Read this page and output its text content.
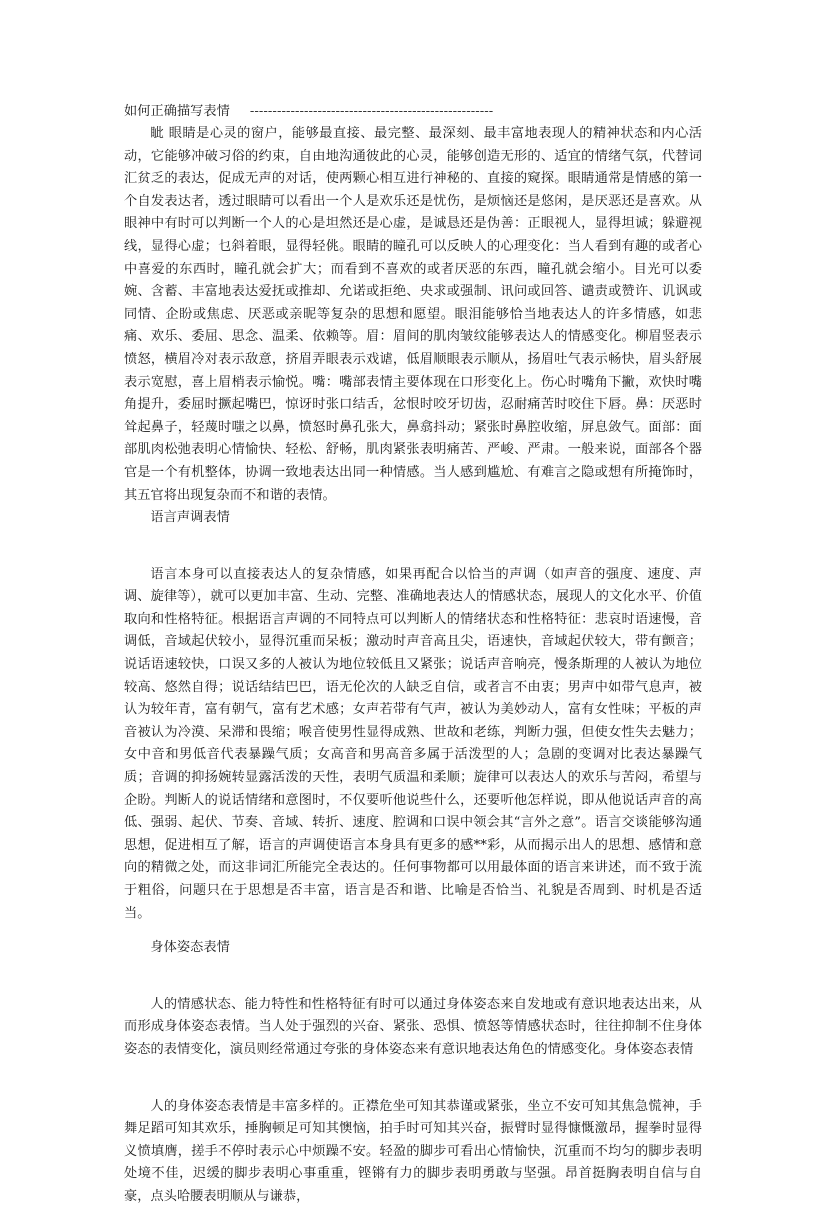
如何正确描写表情 ------------------------------------------------------

眦 眼睛是心灵的窗户，能够最直接、最完整、最深刻、最丰富地表现人的精神状态和内心活动，它能够冲破习俗的约束，自由地沟通彼此的心灵，能够创造无形的、适宜的情绪气氛，代替词汇贫乏的表达，促成无声的对话，使两颗心相互进行神秘的、直接的窥探。眼睛通常是情感的第一个自发表达者，透过眼睛可以看出一个人是欢乐还是忧伤，是烦恼还是悠闲，是厌恶还是喜欢。从眼神中有时可以判断一个人的心是坦然还是心虚，是诚恳还是伪善：正眼视人，显得坦诚；躲避视线，显得心虚；乜斜着眼，显得轻佻。眼睛的瞳孔可以反映人的心理变化：当人看到有趣的或者心中喜爱的东西时，瞳孔就会扩大；而看到不喜欢的或者厌恶的东西，瞳孔就会缩小。目光可以委婉、含蓄、丰富地表达爱抚或推却、允诺或拒绝、央求或强制、讯问或回答、谴责或赞许、讥讽或同情、企盼或焦虑、厌恶或亲昵等复杂的思想和愿望。眼泪能够恰当地表达人的许多情感，如悲痛、欢乐、委屈、思念、温柔、依赖等。眉：眉间的肌肉皱纹能够表达人的情感变化。柳眉竖表示愤怒，横眉冷对表示敌意，挤眉弄眼表示戏谑，低眉顺眼表示顺从，扬眉吐气表示畅快，眉头舒展表示宽慰，喜上眉梢表示愉悦。嘴：嘴部表情主要体现在口形变化上。伤心时嘴角下撇，欢快时嘴角提升，委屈时撅起嘴巴，惊讶时张口结舌，忿恨时咬牙切齿，忍耐痛苦时咬住下唇。鼻：厌恶时耸起鼻子，轻蔑时嗤之以鼻，愤怒时鼻孔张大，鼻翕抖动；紧张时鼻腔收缩，屏息敛气。面部：面部肌肉松弛表明心情愉快、轻松、舒畅，肌肉紧张表明痛苦、严峻、严肃。一般来说，面部各个器官是一个有机整体，协调一致地表达出同一种情感。当人感到尴尬、有难言之隐或想有所掩饰时，其五官将出现复杂而不和谐的表情。

语言声调表情

语言本身可以直接表达人的复杂情感，如果再配合以恰当的声调（如声音的强度、速度、声调、旋律等），就可以更加丰富、生动、完整、准确地表达人的情感状态，展现人的文化水平、价值取向和性格特征。根据语言声调的不同特点可以判断人的情绪状态和性格特征：悲哀时语速慢，音调低，音域起伏较小，显得沉重而呆板；激动时声音高且尖，语速快，音域起伏较大，带有颤音；说话语速较快，口误又多的人被认为地位较低且又紧张；说话声音响亮，慢条斯理的人被认为地位较高、悠然自得；说话结结巴巴，语无伦次的人缺乏自信，或者言不由衷；男声中如带气息声，被认为较年青，富有朝气，富有艺术感；女声若带有气声，被认为美妙动人，富有女性味；平板的声音被认为冷漠、呆滞和畏缩；喉音使男性显得成熟、世故和老练，判断力强，但使女性失去魅力；女中音和男低音代表暴躁气质；女高音和男高音多属于活泼型的人；急剧的变调对比表达暴躁气质；音调的抑扬婉转显露活泼的天性，表明气质温和柔顺；旋律可以表达人的欢乐与苦闷，希望与企盼。判断人的说话情绪和意图时，不仅要听他说些什么，还要听他怎样说，即从他说话声音的高低、强弱、起伏、节奏、音域、转折、速度、腔调和口误中领会其“言外之意”。语言交谈能够沟通思想，促进相互了解，语言的声调使语言本身具有更多的感**彩，从而揭示出人的思想、感情和意向的精微之处，而这非词汇所能完全表达的。任何事物都可以用最体面的语言来讲述，而不致于流于粗俗，问题只在于思想是否丰富，语言是否和谐、比喻是否恰当、礼貌是否周到、时机是否适当。

身体姿态表情

人的情感状态、能力特性和性格特征有时可以通过身体姿态来自发地或有意识地表达出来，从而形成身体姿态表情。当人处于强烈的兴奋、紧张、恐惧、愤怒等情感状态时，往往抑制不住身体姿态的表情变化，演员则经常通过夸张的身体姿态来有意识地表达角色的情感变化。身体姿态表情

人的身体姿态表情是丰富多样的。正襟危坐可知其恭谨或紧张，坐立不安可知其焦急慌神，手舞足蹈可知其欢乐，捶胸顿足可知其懊恼，拍手时可知其兴奋，振臂时显得慷慨激昂，握拳时显得义愤填膺，搓手不停时表示心中烦躁不安。轻盈的脚步可看出心情愉快，沉重而不均匀的脚步表明处境不佳，迟缓的脚步表明心事重重，铿锵有力的脚步表明勇敢与坚强。昂首挺胸表明自信与自豪，点头哈腰表明顺从与谦恭，
